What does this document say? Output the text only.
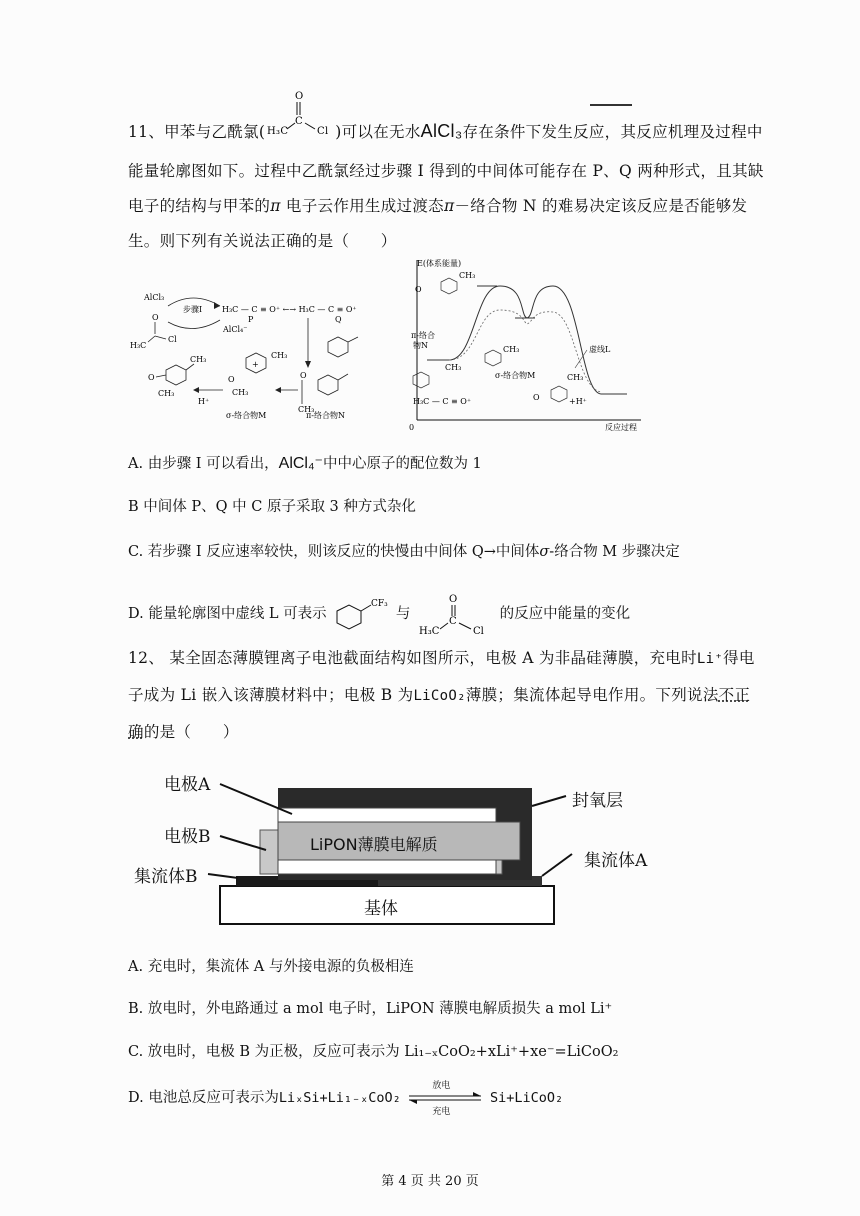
11、甲苯与乙酰氯(
O
C
H₃C	Cl )可以在无水AlCl₃存在条件下发生反应，其反应机理及过程中
能量轮廓图如下。过程中乙酰氯经过步骤 I 得到的中间体可能存在 P、Q 两种形式，且其缺
电子的结构与甲苯的π 电子云作用生成过渡态π－络合物 N 的难易决定该反应是否能够发
生。则下列有关说法正确的是（　　）
AlCl₃
步骤I
AlCl₄⁻
H₃C — C ≡ O⁺ ←→ H₃C — C ≡ O⁺
P	Q
O
H₃C
Cl
CH₃
O
CH₃
+
CH₃
O
CH₃
σ-络合物M
H⁺
O
CH₃
π-络合物N
E(体系能量)
反应过程
0
O
π-络合
物N
CH₃
H₃C — C ≡ O⁺
CH₃
CH₃
σ-络合物M
虚线L
CH₃
+H⁺
O
A. 由步骤 I 可以看出，AlCl₄⁻中中心原子的配位数为 1
B 中间体 P、Q 中 C 原子采取 3 种方式杂化
C. 若步骤 I 反应速率较快，则该反应的快慢由中间体 Q→中间体σ-络合物 M 步骤决定
D. 能量轮廓图中虚线 L 可表示
CF₃
与
O
C
H₃C	Cl
的反应中能量的变化
12、 某全固态薄膜锂离子电池截面结构如图所示，电极 A 为非晶硅薄膜，充电时Li⁺得电
子成为 Li 嵌入该薄膜材料中；电极 B 为LiCoO₂薄膜；集流体起导电作用。下列说法不正
确的是（　　）
电极A
电极B
集流体B
封氧层
集流体A
LiPON薄膜电解质
基体
A. 充电时，集流体 A 与外接电源的负极相连
B. 放电时，外电路通过 a mol 电子时，LiPON 薄膜电解质损失 a mol Li⁺
C. 放电时，电极 B 为正极，反应可表示为 Li₁₋ₓCoO₂+xLi⁺+xe⁻=LiCoO₂
D. 电池总反应可表示为LiₓSi+Li₁₋ₓCoO₂
放电
充电
Si+LiCoO₂
第 4 页 共 20 页
